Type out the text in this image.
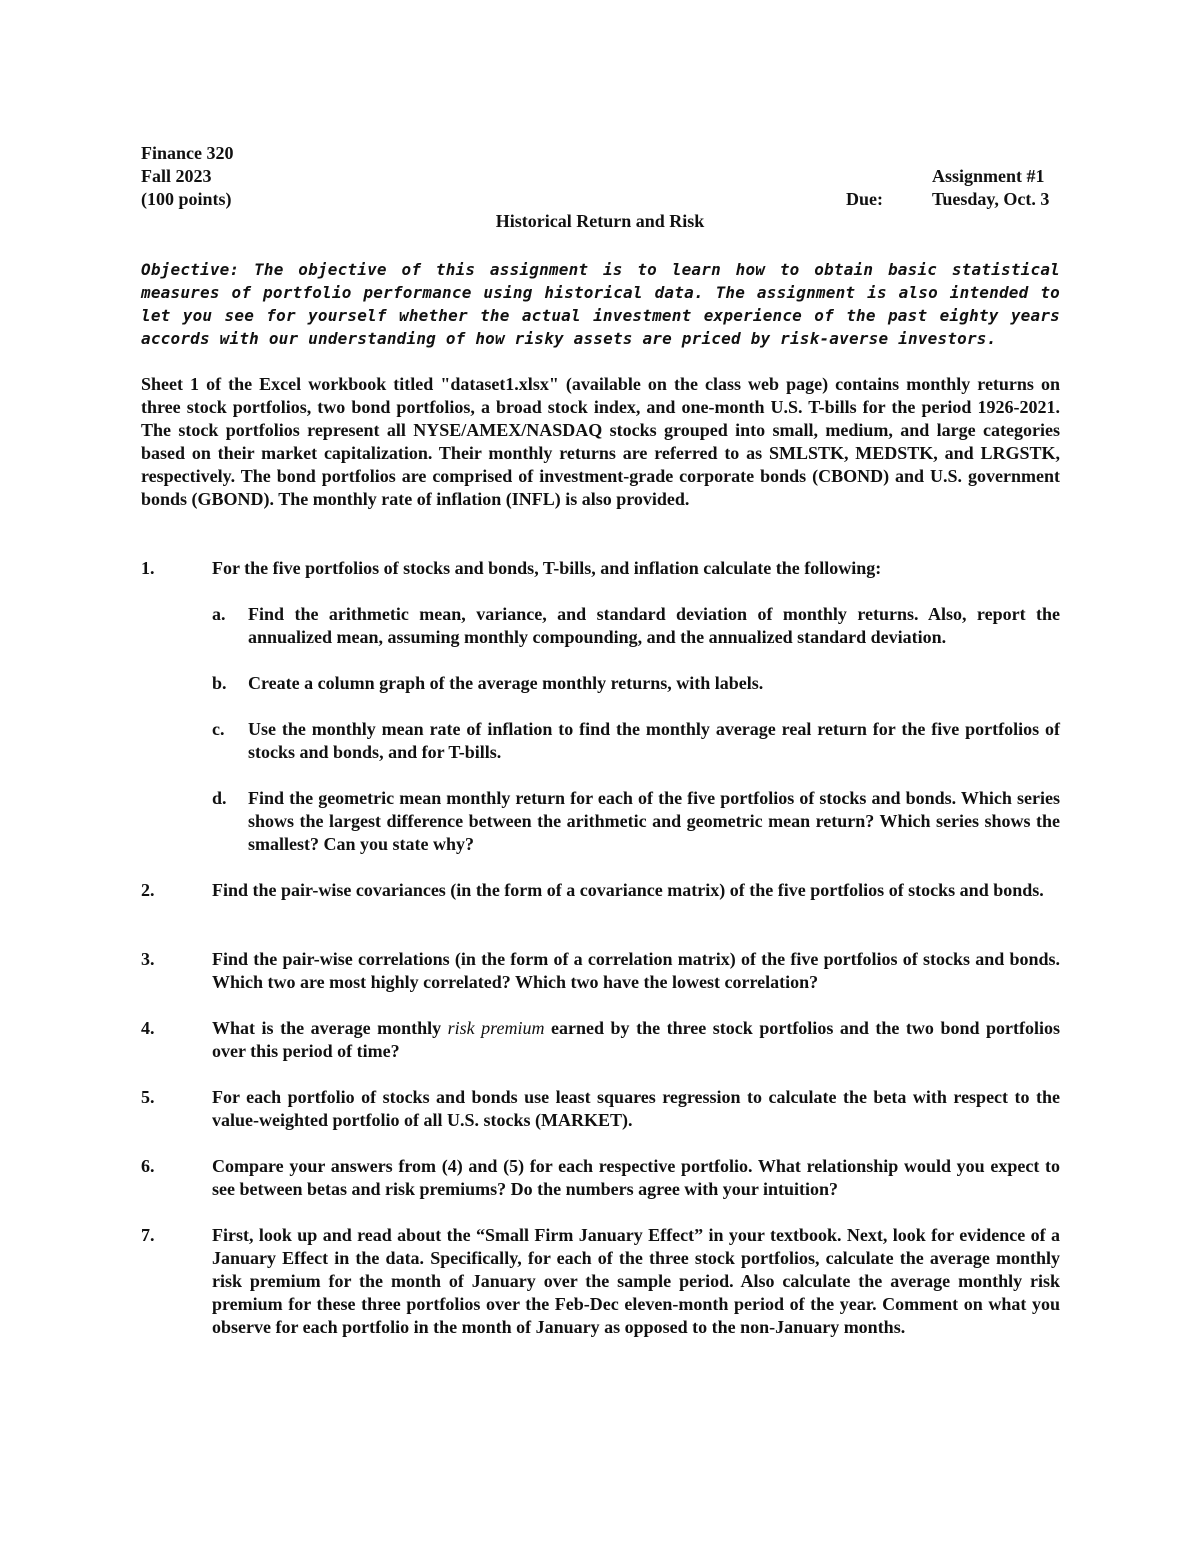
Finance 320
Fall 2023
(100 points)
Assignment #1
Due:	Tuesday, Oct. 3
Historical Return and Risk
Objective: The objective of this assignment is to learn how to obtain basic statistical measures of portfolio performance using historical data. The assignment is also intended to let you see for yourself whether the actual investment experience of the past eighty years accords with our understanding of how risky assets are priced by risk-averse investors.
Sheet 1 of the Excel workbook titled "dataset1.xlsx" (available on the class web page) contains monthly returns on three stock portfolios, two bond portfolios, a broad stock index, and one-month U.S. T-bills for the period 1926-2021. The stock portfolios represent all NYSE/AMEX/NASDAQ stocks grouped into small, medium, and large categories based on their market capitalization. Their monthly returns are referred to as SMLSTK, MEDSTK, and LRGSTK, respectively. The bond portfolios are comprised of investment-grade corporate bonds (CBOND) and U.S. government bonds (GBOND). The monthly rate of inflation (INFL) is also provided.
1.	For the five portfolios of stocks and bonds, T-bills, and inflation calculate the following:
a.	Find the arithmetic mean, variance, and standard deviation of monthly returns. Also, report the annualized mean, assuming monthly compounding, and the annualized standard deviation.
b.	Create a column graph of the average monthly returns, with labels.
c.	Use the monthly mean rate of inflation to find the monthly average real return for the five portfolios of stocks and bonds, and for T-bills.
d.	Find the geometric mean monthly return for each of the five portfolios of stocks and bonds. Which series shows the largest difference between the arithmetic and geometric mean return? Which series shows the smallest? Can you state why?
2.	Find the pair-wise covariances (in the form of a covariance matrix) of the five portfolios of stocks and bonds.
3.	Find the pair-wise correlations (in the form of a correlation matrix) of the five portfolios of stocks and bonds. Which two are most highly correlated? Which two have the lowest correlation?
4.	What is the average monthly risk premium earned by the three stock portfolios and the two bond portfolios over this period of time?
5.	For each portfolio of stocks and bonds use least squares regression to calculate the beta with respect to the value-weighted portfolio of all U.S. stocks (MARKET).
6.	Compare your answers from (4) and (5) for each respective portfolio. What relationship would you expect to see between betas and risk premiums? Do the numbers agree with your intuition?
7.	First, look up and read about the “Small Firm January Effect” in your textbook. Next, look for evidence of a January Effect in the data. Specifically, for each of the three stock portfolios, calculate the average monthly risk premium for the month of January over the sample period. Also calculate the average monthly risk premium for these three portfolios over the Feb-Dec eleven-month period of the year. Comment on what you observe for each portfolio in the month of January as opposed to the non-January months.
